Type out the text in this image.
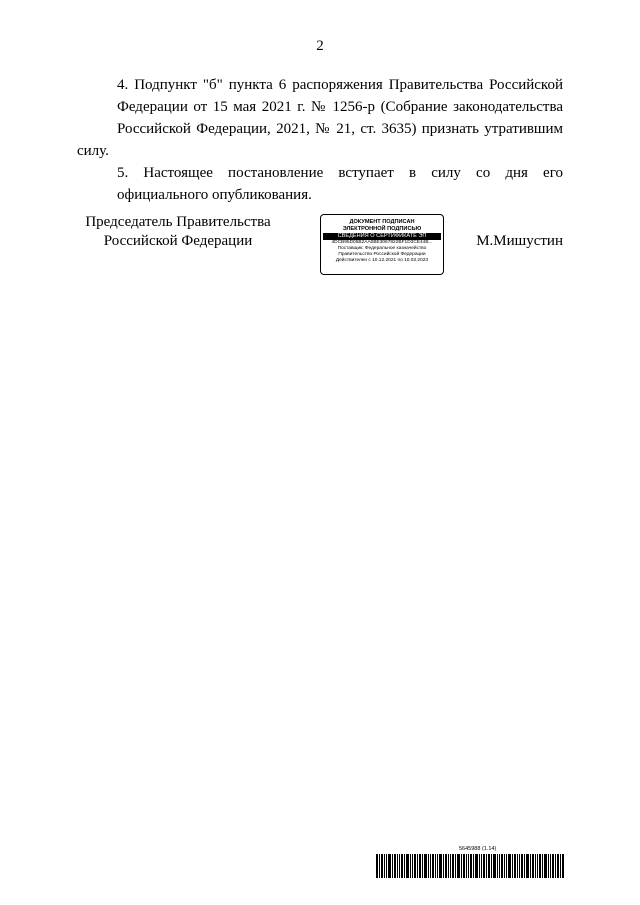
2
4. Подпункт "б" пункта 6 распоряжения Правительства Российской
Федерации от 15 мая 2021 г. № 1256-р (Собрание законодательства
Российской Федерации, 2021, № 21, ст. 3635) признать утратившим силу.
5. Настоящее постановление вступает в силу со дня его
официального опубликования.
Председатель Правительства
Российской Федерации
ДОКУМЕНТ ПОДПИСАН
ЭЛЕКТРОННОЙ ПОДПИСЬЮ
СВЕДЕНИЯ О СЕРТИФИКАТЕ ЭП
4DCB95D05B2AA0BE3067822BF1D3CE44B...
Поставщик: Федеральное казначейство
Правительство Российской Федерации
Действителен с 10.12.2021 по 10.03.2023
М.Мишустин
5645988 (1.14)
